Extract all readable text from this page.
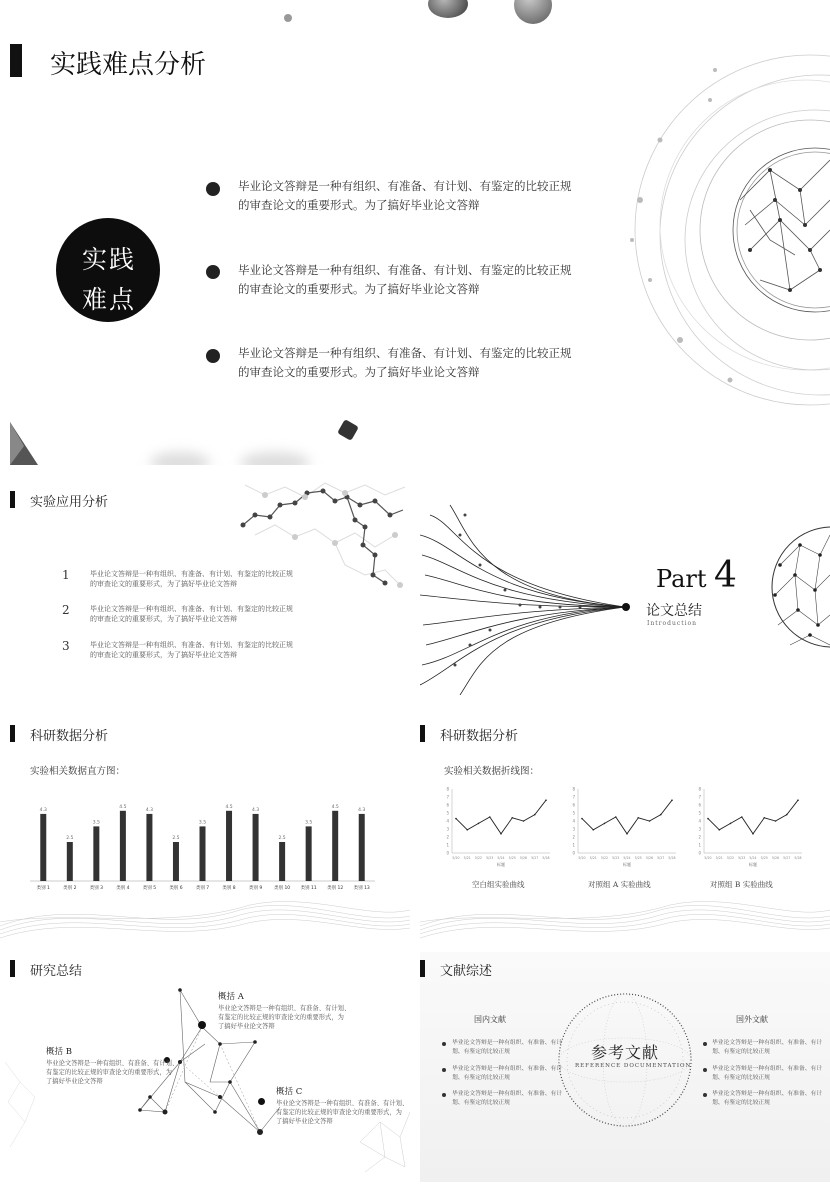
实践难点分析
实践
难点
毕业论文答辩是一种有组织、有准备、有计划、有鉴定的比较正规
的审查论文的重要形式。为了搞好毕业论文答辩
毕业论文答辩是一种有组织、有准备、有计划、有鉴定的比较正规
的审查论文的重要形式。为了搞好毕业论文答辩
毕业论文答辩是一种有组织、有准备、有计划、有鉴定的比较正规
的审查论文的重要形式。为了搞好毕业论文答辩
实验应用分析
1	毕业论文答辩是一种有组织、有准备、有计划、有鉴定的比较正规
的审查论文的重要形式，为了搞好毕业论文答辩
2	毕业论文答辩是一种有组织、有准备、有计划、有鉴定的比较正规
的审查论文的重要形式，为了搞好毕业论文答辩
3	毕业论文答辩是一种有组织、有准备、有计划、有鉴定的比较正规
的审查论文的重要形式，为了搞好毕业论文答辩
Part 4
论文总结
Introduction
科研数据分析
实验相关数据直方图：
4.3
类别 1
2.5
类别 2
3.5
类别 3
4.5
类别 4
4.3
类别 5
2.5
类别 6
3.5
类别 7
4.5
类别 8
4.3
类别 9
2.5
类别 10
3.5
类别 11
4.5
类别 12
4.3
类别 13
科研数据分析
实验相关数据折线图：
0
1
2
3
4
5
6
7
8
5/20 5/21 5/22 5/23 5/24 5/25 5/26 5/27 5/28
标题
0
1
2
3
4
5
6
7
8
5/20 5/21 5/22 5/23 5/24 5/25 5/26 5/27 5/28
标题
0
1
2
3
4
5
6
7
8
5/20 5/21 5/22 5/23 5/24 5/25 5/26 5/27 5/28
标题
空白组实验曲线	对照组 A 实验曲线	对照组 B 实验曲线
研究总结
概括 A
毕业论文答辩是一种有组织、有准备、有计划、
有鉴定的比较正规的审查论文的重要形式，为
了搞好毕业论文答辩
概括 B
毕业论文答辩是一种有组织、有准备、有计划、
有鉴定的比较正规的审查论文的重要形式，为
了搞好毕业论文答辩
概括 C
毕业论文答辩是一种有组织、有准备、有计划、
有鉴定的比较正规的审查论文的重要形式，为
了搞好毕业论文答辩
文献综述
参考文献
REFERENCE DOCUMENTATION
国内文献	国外文献
毕业论文答辩是一种有组织、有准备、有计
划、有鉴定的比较正规
毕业论文答辩是一种有组织、有准备、有计
划、有鉴定的比较正规
毕业论文答辩是一种有组织、有准备、有计
划、有鉴定的比较正规
毕业论文答辩是一种有组织、有准备、有计
划、有鉴定的比较正规
毕业论文答辩是一种有组织、有准备、有计
划、有鉴定的比较正规
毕业论文答辩是一种有组织、有准备、有计
划、有鉴定的比较正规
